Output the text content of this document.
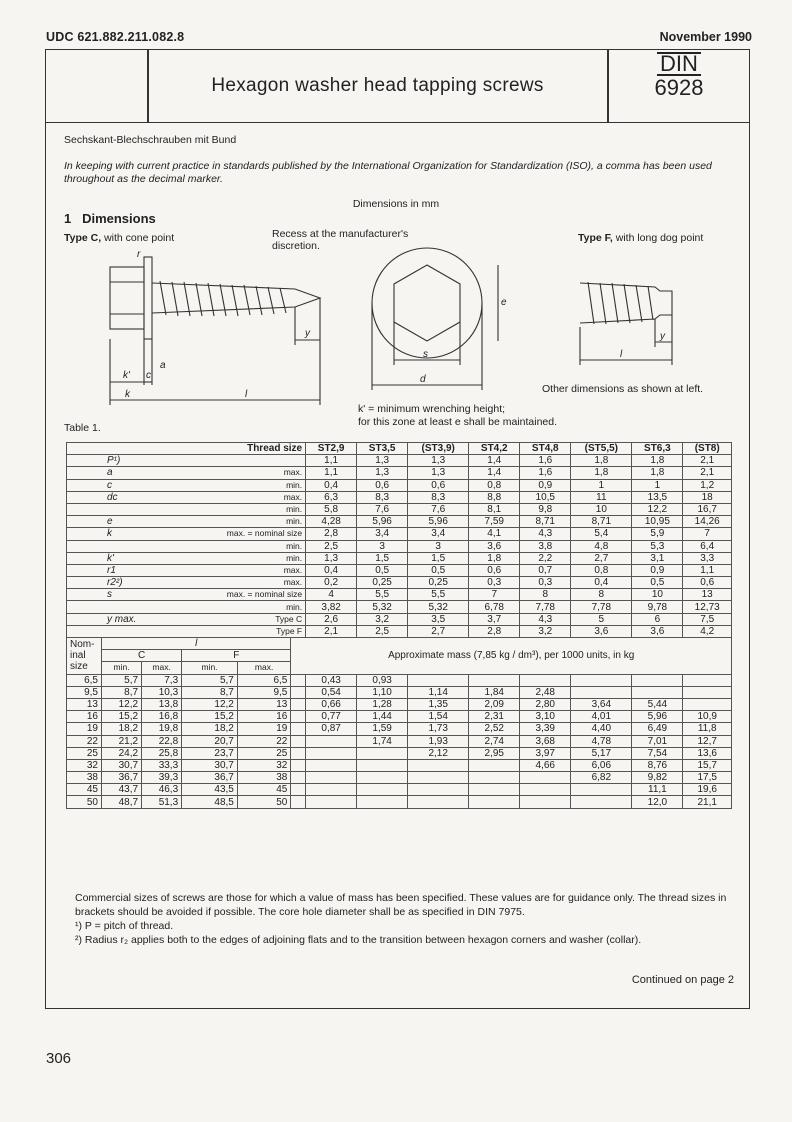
UDC 621.882.211.082.8	November 1990
Hexagon washer head tapping screws
DIN
6928
Sechskant-Blechschrauben mit Bund
In keeping with current practice in standards published by the International Organization for Standardization (ISO), a comma has been used throughout as the decimal marker.
Dimensions in mm
1 Dimensions
Type C, with cone point	Recess at the manufacturer's discretion.
Type F, with long dog point
y
a
k' c
k	l
s
d
e
r
y
l
Other dimensions as shown at left.
k' = minimum wrenching height;
for this zone at least e shall be maintained.
Table 1.
Thread size						ST2,9	ST3,5	(ST3,9)	ST4,2	ST4,8	(ST5,5)	ST6,3	(ST8)
P¹)						1,1	1,3	1,3	1,4	1,6	1,8	1,8	2,1
a			max.			1,1	1,3	1,3	1,4	1,6	1,8	1,8	2,1
c			min.			0,4	0,6	0,6	0,8	0,9	1	1	1,2
dc			max.			6,3	8,3	8,3	8,8	10,5	11	13,5	18
			min.			5,8	7,6	7,6	8,1	9,8	10	12,2	16,7
e			min.			4,28	5,96	5,96	7,59	8,71	8,71	10,95	14,26
k			max. = nominal size			2,8	3,4	3,4	4,1	4,3	5,4	5,9	7
			min.			2,5	3	3	3,6	3,8	4,8	5,3	6,4
k'			min.			1,3	1,5	1,5	1,8	2,2	2,7	3,1	3,3
r1			max.			0,4	0,5	0,5	0,6	0,7	0,8	0,9	1,1
r2²)			max.			0,2	0,25	0,25	0,3	0,3	0,4	0,5	0,6
s			max. = nominal size			4	5,5	5,5	7	8	8	10	13
			min.			3,82	5,32	5,32	6,78	7,78	7,78	9,78	12,73
y max.			Type C			2,6	3,2	3,5	3,7	4,3	5	6	7,5
			Type F			2,1	2,5	2,7	2,8	3,2	3,6	3,6	4,2
Nom- inal size	l				Approximate mass (7,85 kg / dm³), per 1000 units, in kg								
	C		F										
	min.	max.	min.	max.									
6,5	5,7	7,3	5,7	6,5		0,43	0,93						
9,5	8,7	10,3	8,7	9,5		0,54	1,10	1,14	1,84	2,48			
13	12,2	13,8	12,2	13		0,66	1,28	1,35	2,09	2,80	3,64	5,44	
16	15,2	16,8	15,2	16		0,77	1,44	1,54	2,31	3,10	4,01	5,96	10,9
19	18,2	19,8	18,2	19		0,87	1,59	1,73	2,52	3,39	4,40	6,49	11,8
22	21,2	22,8	20,7	22			1,74	1,93	2,74	3,68	4,78	7,01	12,7
25	24,2	25,8	23,7	25				2,12	2,95	3,97	5,17	7,54	13,6
32	30,7	33,3	30,7	32						4,66	6,06	8,76	15,7
38	36,7	39,3	36,7	38							6,82	9,82	17,5
45	43,7	46,3	43,5	45								11,1	19,6
50	48,7	51,3	48,5	50								12,0	21,1
Commercial sizes of screws are those for which a value of mass has been specified. These values are for guidance only. The thread sizes in brackets should be avoided if possible. The core hole diameter shall be as specified in DIN 7975.
¹) P = pitch of thread.
²) Radius r₂ applies both to the edges of adjoining flats and to the transition between hexagon corners and washer (collar).
Continued on page 2
306
